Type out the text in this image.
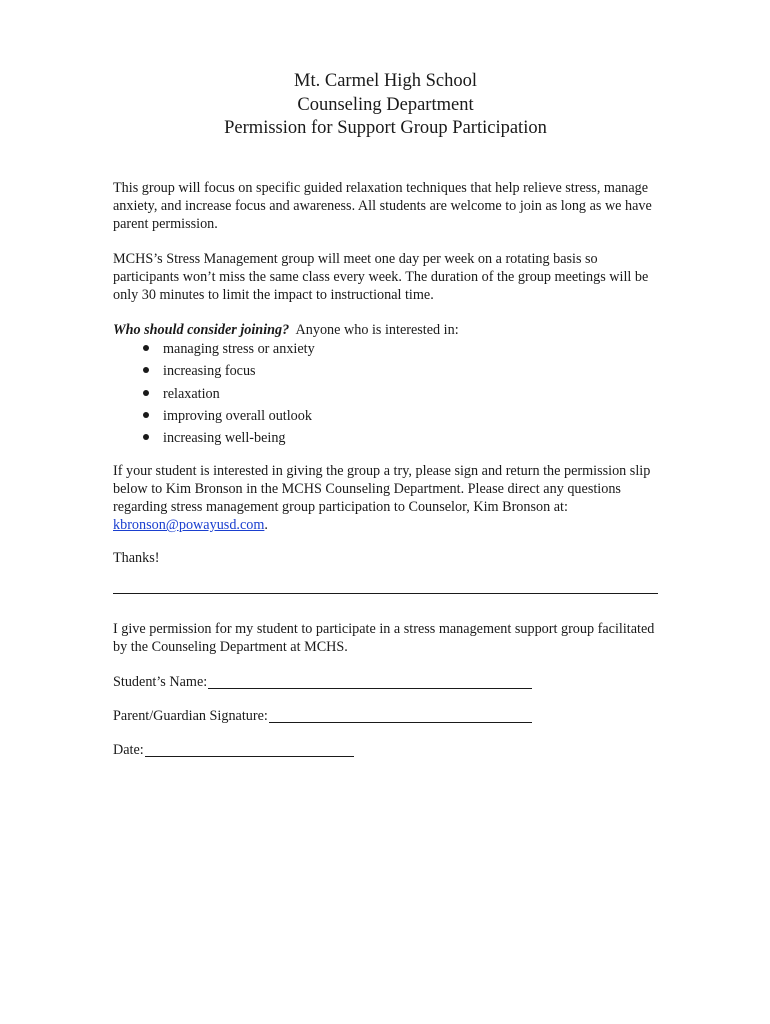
Mt. Carmel High School
Counseling Department
Permission for Support Group Participation

This group will focus on specific guided relaxation techniques that help relieve stress, manage anxiety, and increase focus and awareness. All students are welcome to join as long as we have parent permission.

MCHS’s Stress Management group will meet one day per week on a rotating basis so participants won’t miss the same class every week. The duration of the group meetings will be only 30 minutes to limit the impact to instructional time.

Who should consider joining? Anyone who is interested in:

managing stress or anxiety
increasing focus
relaxation
improving overall outlook
increasing well-being

If your student is interested in giving the group a try, please sign and return the permission slip below to Kim Bronson in the MCHS Counseling Department. Please direct any questions regarding stress management group participation to Counselor, Kim Bronson at: kbronson@powayusd.com.

Thanks!

I give permission for my student to participate in a stress management support group facilitated by the Counseling Department at MCHS.

Student’s Name:
Parent/Guardian Signature:
Date:
